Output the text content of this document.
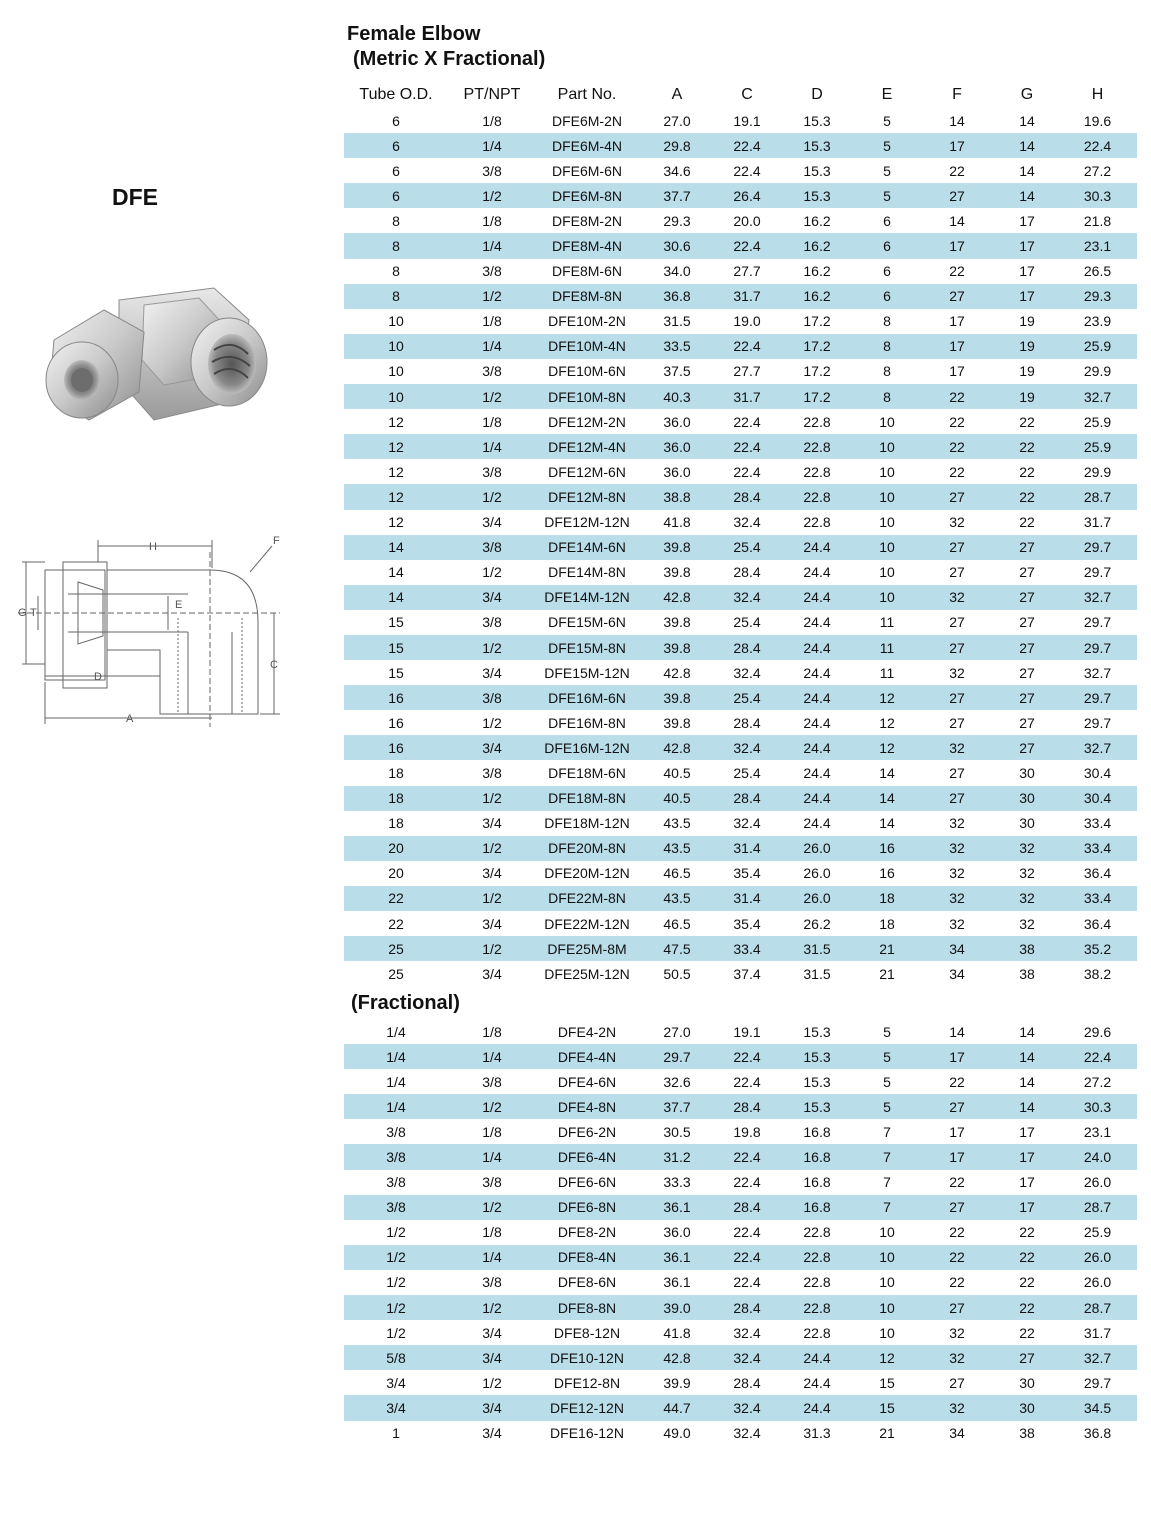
DFE
H	F
G T
E
C
D
A
Female Elbow
(Metric X Fractional)
Tube O.D.	PT/NPT	Part No.	A	C	D	E	F	G	H
6	1/8	DFE6M-2N	27.0	19.1	15.3	5	14	14	19.6
6	1/4	DFE6M-4N	29.8	22.4	15.3	5	17	14	22.4
6	3/8	DFE6M-6N	34.6	22.4	15.3	5	22	14	27.2
6	1/2	DFE6M-8N	37.7	26.4	15.3	5	27	14	30.3
8	1/8	DFE8M-2N	29.3	20.0	16.2	6	14	17	21.8
8	1/4	DFE8M-4N	30.6	22.4	16.2	6	17	17	23.1
8	3/8	DFE8M-6N	34.0	27.7	16.2	6	22	17	26.5
8	1/2	DFE8M-8N	36.8	31.7	16.2	6	27	17	29.3
10	1/8	DFE10M-2N	31.5	19.0	17.2	8	17	19	23.9
10	1/4	DFE10M-4N	33.5	22.4	17.2	8	17	19	25.9
10	3/8	DFE10M-6N	37.5	27.7	17.2	8	17	19	29.9
10	1/2	DFE10M-8N	40.3	31.7	17.2	8	22	19	32.7
12	1/8	DFE12M-2N	36.0	22.4	22.8	10	22	22	25.9
12	1/4	DFE12M-4N	36.0	22.4	22.8	10	22	22	25.9
12	3/8	DFE12M-6N	36.0	22.4	22.8	10	22	22	29.9
12	1/2	DFE12M-8N	38.8	28.4	22.8	10	27	22	28.7
12	3/4	DFE12M-12N	41.8	32.4	22.8	10	32	22	31.7
14	3/8	DFE14M-6N	39.8	25.4	24.4	10	27	27	29.7
14	1/2	DFE14M-8N	39.8	28.4	24.4	10	27	27	29.7
14	3/4	DFE14M-12N	42.8	32.4	24.4	10	32	27	32.7
15	3/8	DFE15M-6N	39.8	25.4	24.4	11	27	27	29.7
15	1/2	DFE15M-8N	39.8	28.4	24.4	11	27	27	29.7
15	3/4	DFE15M-12N	42.8	32.4	24.4	11	32	27	32.7
16	3/8	DFE16M-6N	39.8	25.4	24.4	12	27	27	29.7
16	1/2	DFE16M-8N	39.8	28.4	24.4	12	27	27	29.7
16	3/4	DFE16M-12N	42.8	32.4	24.4	12	32	27	32.7
18	3/8	DFE18M-6N	40.5	25.4	24.4	14	27	30	30.4
18	1/2	DFE18M-8N	40.5	28.4	24.4	14	27	30	30.4
18	3/4	DFE18M-12N	43.5	32.4	24.4	14	32	30	33.4
20	1/2	DFE20M-8N	43.5	31.4	26.0	16	32	32	33.4
20	3/4	DFE20M-12N	46.5	35.4	26.0	16	32	32	36.4
22	1/2	DFE22M-8N	43.5	31.4	26.0	18	32	32	33.4
22	3/4	DFE22M-12N	46.5	35.4	26.2	18	32	32	36.4
25	1/2	DFE25M-8M	47.5	33.4	31.5	21	34	38	35.2
25	3/4	DFE25M-12N	50.5	37.4	31.5	21	34	38	38.2
(Fractional)
1/4	1/8	DFE4-2N	27.0	19.1	15.3	5	14	14	29.6
1/4	1/4	DFE4-4N	29.7	22.4	15.3	5	17	14	22.4
1/4	3/8	DFE4-6N	32.6	22.4	15.3	5	22	14	27.2
1/4	1/2	DFE4-8N	37.7	28.4	15.3	5	27	14	30.3
3/8	1/8	DFE6-2N	30.5	19.8	16.8	7	17	17	23.1
3/8	1/4	DFE6-4N	31.2	22.4	16.8	7	17	17	24.0
3/8	3/8	DFE6-6N	33.3	22.4	16.8	7	22	17	26.0
3/8	1/2	DFE6-8N	36.1	28.4	16.8	7	27	17	28.7
1/2	1/8	DFE8-2N	36.0	22.4	22.8	10	22	22	25.9
1/2	1/4	DFE8-4N	36.1	22.4	22.8	10	22	22	26.0
1/2	3/8	DFE8-6N	36.1	22.4	22.8	10	22	22	26.0
1/2	1/2	DFE8-8N	39.0	28.4	22.8	10	27	22	28.7
1/2	3/4	DFE8-12N	41.8	32.4	22.8	10	32	22	31.7
5/8	3/4	DFE10-12N	42.8	32.4	24.4	12	32	27	32.7
3/4	1/2	DFE12-8N	39.9	28.4	24.4	15	27	30	29.7
3/4	3/4	DFE12-12N	44.7	32.4	24.4	15	32	30	34.5
1	3/4	DFE16-12N	49.0	32.4	31.3	21	34	38	36.8
